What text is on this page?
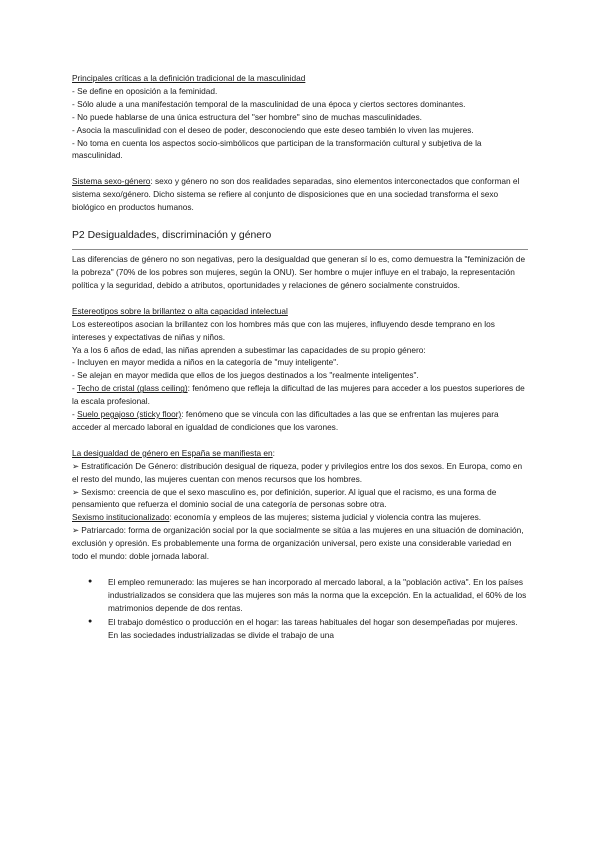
Principales críticas a la definición tradicional de la masculinidad

- Se define en oposición a la feminidad.

- Sólo alude a una manifestación temporal de la masculinidad de una época y ciertos sectores dominantes.

- No puede hablarse de una única estructura del "ser hombre" sino de muchas masculinidades.

- Asocia la masculinidad con el deseo de poder, desconociendo que este deseo también lo viven las mujeres.

- No toma en cuenta los aspectos socio-simbólicos que participan de la transformación cultural y subjetiva de la masculinidad.

Sistema sexo-género: sexo y género no son dos realidades separadas, sino elementos interconectados que conforman el sistema sexo/género. Dicho sistema se refiere al conjunto de disposiciones que en una sociedad transforma el sexo biológico en productos humanos.

P2 Desigualdades, discriminación y género

Las diferencias de género no son negativas, pero la desigualdad que generan sí lo es, como demuestra la "feminización de la pobreza" (70% de los pobres son mujeres, según la ONU). Ser hombre o mujer influye en el trabajo, la representación política y la seguridad, debido a atributos, oportunidades y relaciones de género socialmente construidos.

Estereotipos sobre la brillantez o alta capacidad intelectual

Los estereotipos asocian la brillantez con los hombres más que con las mujeres, influyendo desde temprano en los intereses y expectativas de niñas y niños.

Ya a los 6 años de edad, las niñas aprenden a subestimar las capacidades de su propio género:

- Incluyen en mayor medida a niños en la categoría de "muy inteligente".

- Se alejan en mayor medida que ellos de los juegos destinados a los "realmente inteligentes".

- Techo de cristal (glass ceiling): fenómeno que refleja la dificultad de las mujeres para acceder a los puestos superiores de la escala profesional.

- Suelo pegajoso (sticky floor): fenómeno que se vincula con las dificultades a las que se enfrentan las mujeres para acceder al mercado laboral en igualdad de condiciones que los varones.

La desigualdad de género en España se manifiesta en:

➢ Estratificación De Género: distribución desigual de riqueza, poder y privilegios entre los dos sexos. En Europa, como en el resto del mundo, las mujeres cuentan con menos recursos que los hombres.

➢ Sexismo: creencia de que el sexo masculino es, por definición, superior. Al igual que el racismo, es una forma de pensamiento que refuerza el dominio social de una categoría de personas sobre otra.

Sexismo institucionalizado: economía y empleos de las mujeres; sistema judicial y violencia contra las mujeres.

➢ Patriarcado: forma de organización social por la que socialmente se sitúa a las mujeres en una situación de dominación, exclusión y opresión. Es probablemente una forma de organización universal, pero existe una considerable variedad en todo el mundo: doble jornada laboral.

● El empleo remunerado: las mujeres se han incorporado al mercado laboral, a la "población activa". En los países industrializados se considera que las mujeres son más la norma que la excepción. En la actualidad, el 60% de los matrimonios depende de dos rentas.
● El trabajo doméstico o producción en el hogar: las tareas habituales del hogar son desempeñadas por mujeres. En las sociedades industrializadas se divide el trabajo de una
